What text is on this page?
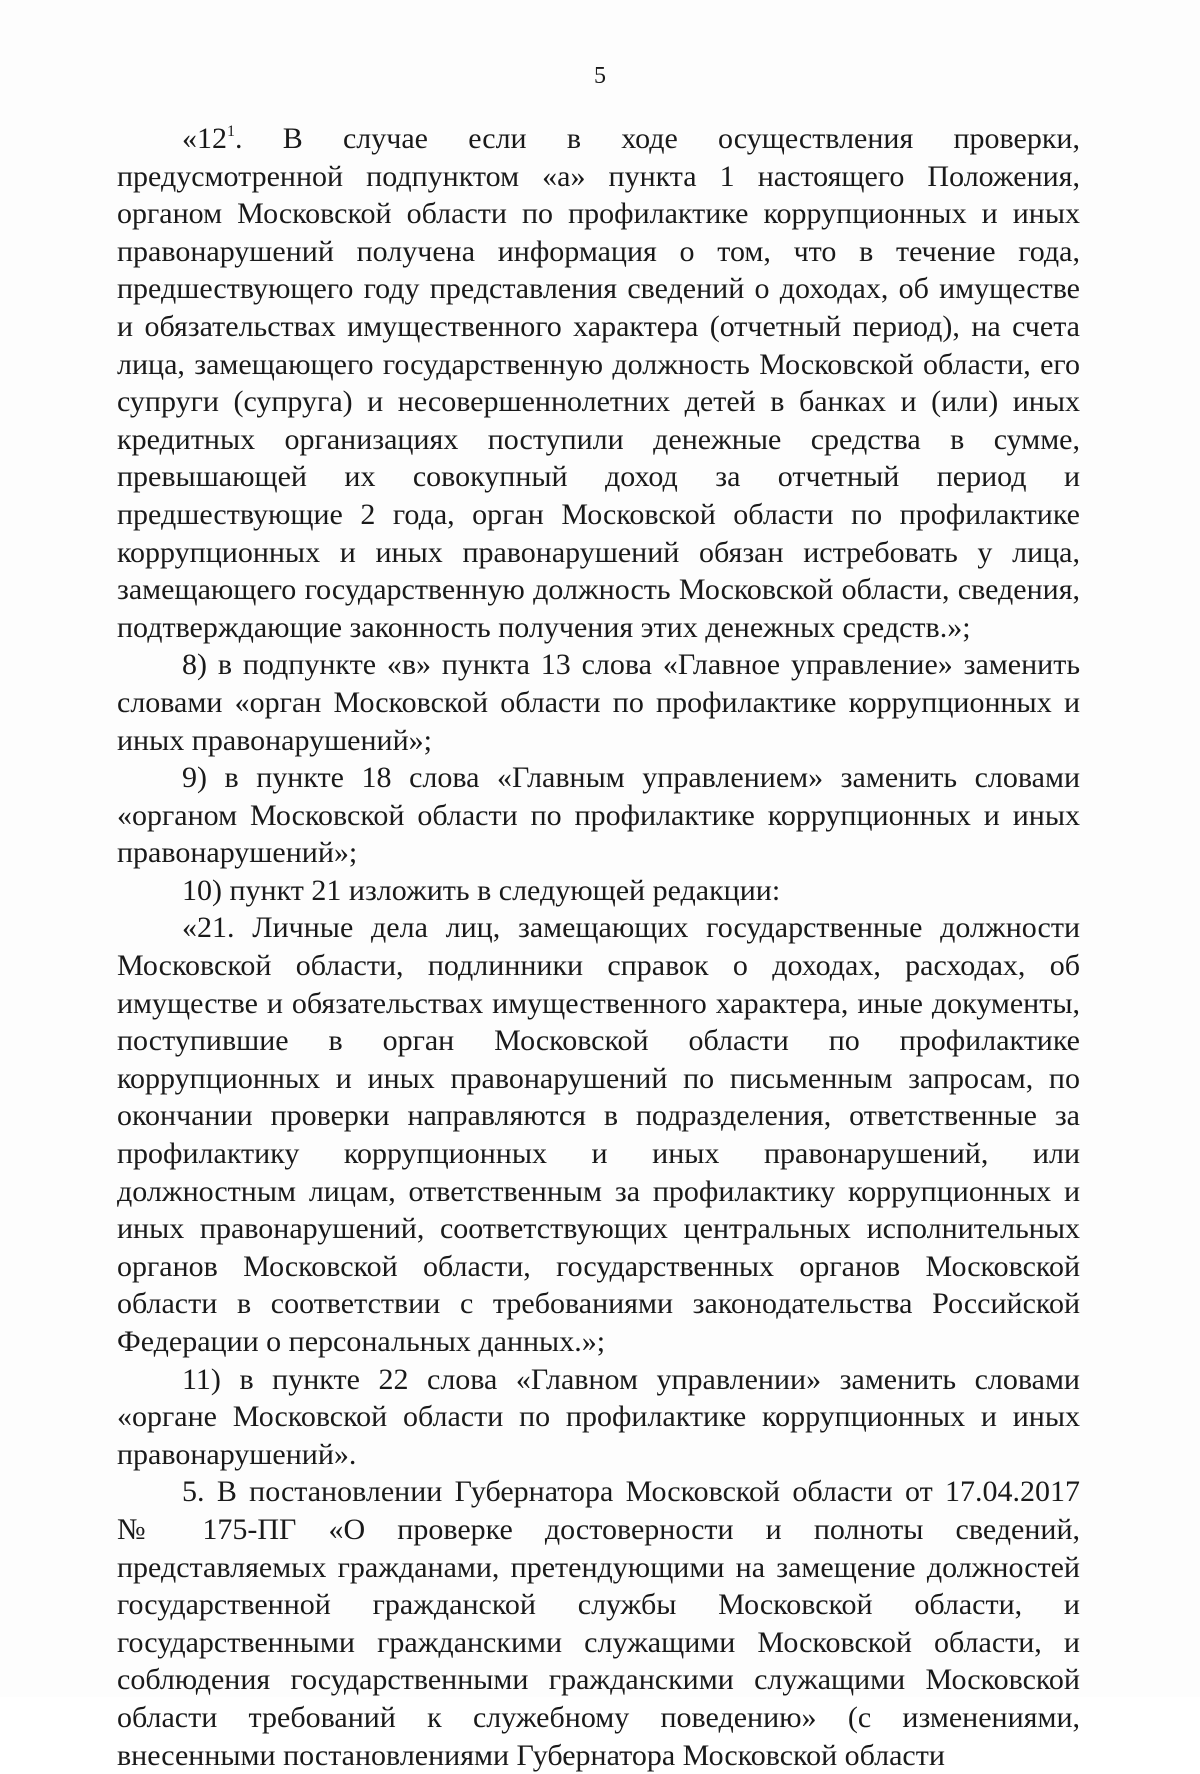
5

«$12^1$. В случае если в ходе осуществления проверки, предусмотренной подпунктом «а» пункта 1 настоящего Положения, органом Московской области по профилактике коррупционных и иных правонарушений получена информация о том, что в течение года, предшествующего году представления сведений о доходах, об имуществе и обязательствах имущественного характера (отчетный период), на счета лица, замещающего государственную должность Московской области, его супруги (супруга) и несовершеннолетних детей в банках и (или) иных кредитных организациях поступили денежные средства в сумме, превышающей их совокупный доход за отчетный период и предшествующие 2 года, орган Московской области по профилактике коррупционных и иных правонарушений обязан истребовать у лица, замещающего государственную должность Московской области, сведения, подтверждающие законность получения этих денежных средств.»;

8) в подпункте «в» пункта 13 слова «Главное управление» заменить словами «орган Московской области по профилактике коррупционных и иных правонарушений»;

9) в пункте 18 слова «Главным управлением» заменить словами «органом Московской области по профилактике коррупционных и иных правонарушений»;

10) пункт 21 изложить в следующей редакции:

«21. Личные дела лиц, замещающих государственные должности Московской области, подлинники справок о доходах, расходах, об имуществе и обязательствах имущественного характера, иные документы, поступившие в орган Московской области по профилактике коррупционных и иных правонарушений по письменным запросам, по окончании проверки направляются в подразделения, ответственные за профилактику коррупционных и иных правонарушений, или должностным лицам, ответственным за профилактику коррупционных и иных правонарушений, соответствующих центральных исполнительных органов Московской области, государственных органов Московской области в соответствии с требованиями законодательства Российской Федерации о персональных данных.»;

11) в пункте 22 слова «Главном управлении» заменить словами «органе Московской области по профилактике коррупционных и иных правонарушений».

5. В постановлении Губернатора Московской области от 17.04.2017 № 175-ПГ «О проверке достоверности и полноты сведений, представляемых гражданами, претендующими на замещение должностей государственной гражданской службы Московской области, и государственными гражданскими служащими Московской области, и соблюдения государственными гражданскими служащими Московской области требований к служебному поведению» (с изменениями, внесенными постановлениями Губернатора Московской области
